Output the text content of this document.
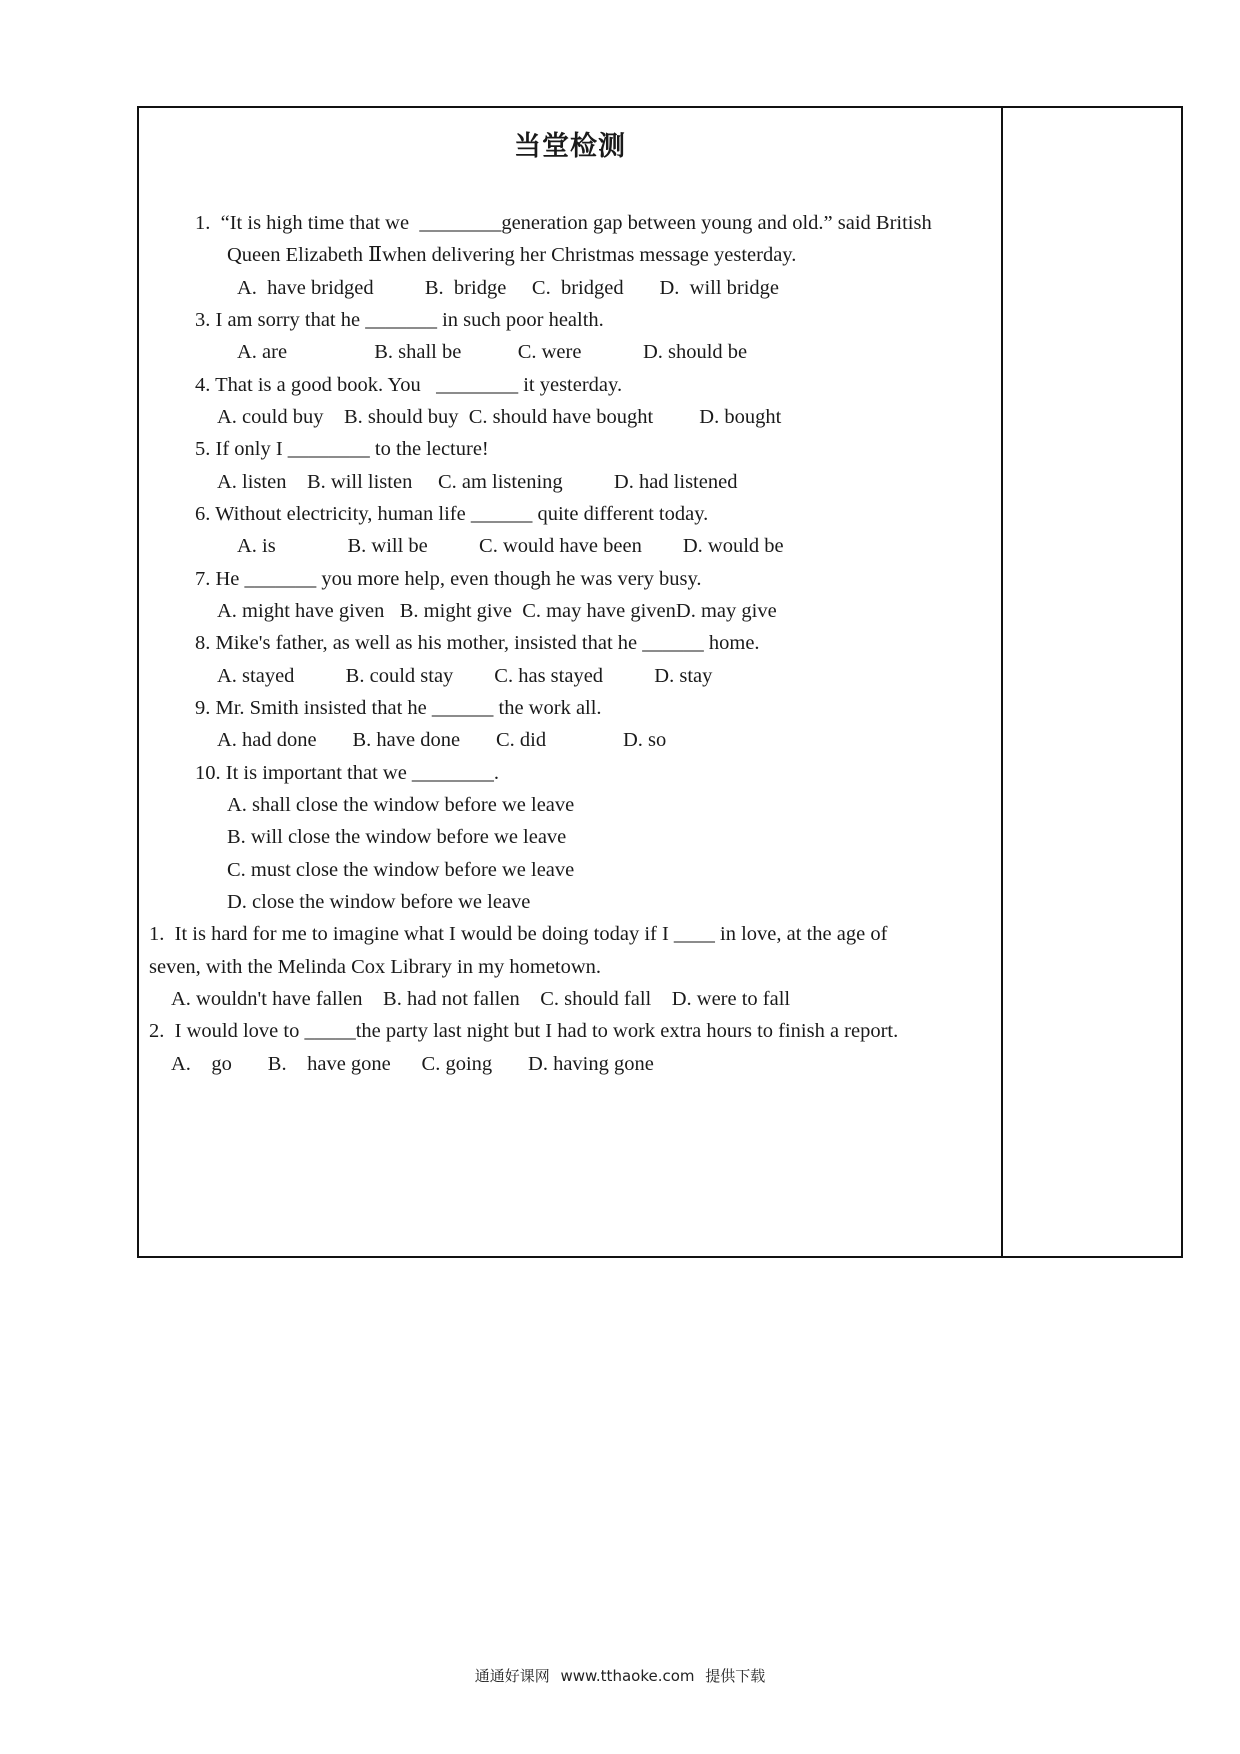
当堂检测
1.  “It is high time that we  ________generation gap between young and old.” said British
Queen Elizabeth Ⅱwhen delivering her Christmas message yesterday.
A.  have bridged          B.  bridge     C.  bridged       D.  will bridge
3. I am sorry that he _______ in such poor health.
A. are                 B. shall be           C. were            D. should be
4. That is a good book. You   ________ it yesterday.
A. could buy    B. should buy  C. should have bought         D. bought
5. If only I ________ to the lecture!
A. listen    B. will listen     C. am listening          D. had listened
6. Without electricity, human life ______ quite different today.
A. is              B. will be          C. would have been        D. would be
7. He _______ you more help, even though he was very busy.
A. might have given   B. might give  C. may have givenD. may give
8. Mike's father, as well as his mother, insisted that he ______ home.
A. stayed          B. could stay        C. has stayed          D. stay
9. Mr. Smith insisted that he ______ the work all.
A. had done       B. have done       C. did               D. so
10. It is important that we ________.
A. shall close the window before we leave
B. will close the window before we leave
C. must close the window before we leave
D. close the window before we leave
1.  It is hard for me to imagine what I would be doing today if I ____ in love, at the age of
seven, with the Melinda Cox Library in my hometown.
A. wouldn't have fallen    B. had not fallen    C. should fall    D. were to fall
2.  I would love to _____the party last night but I had to work extra hours to finish a report.
A.    go       B.    have gone      C. going       D. having gone
通通好课网 www.tthaoke.com 提供下载
